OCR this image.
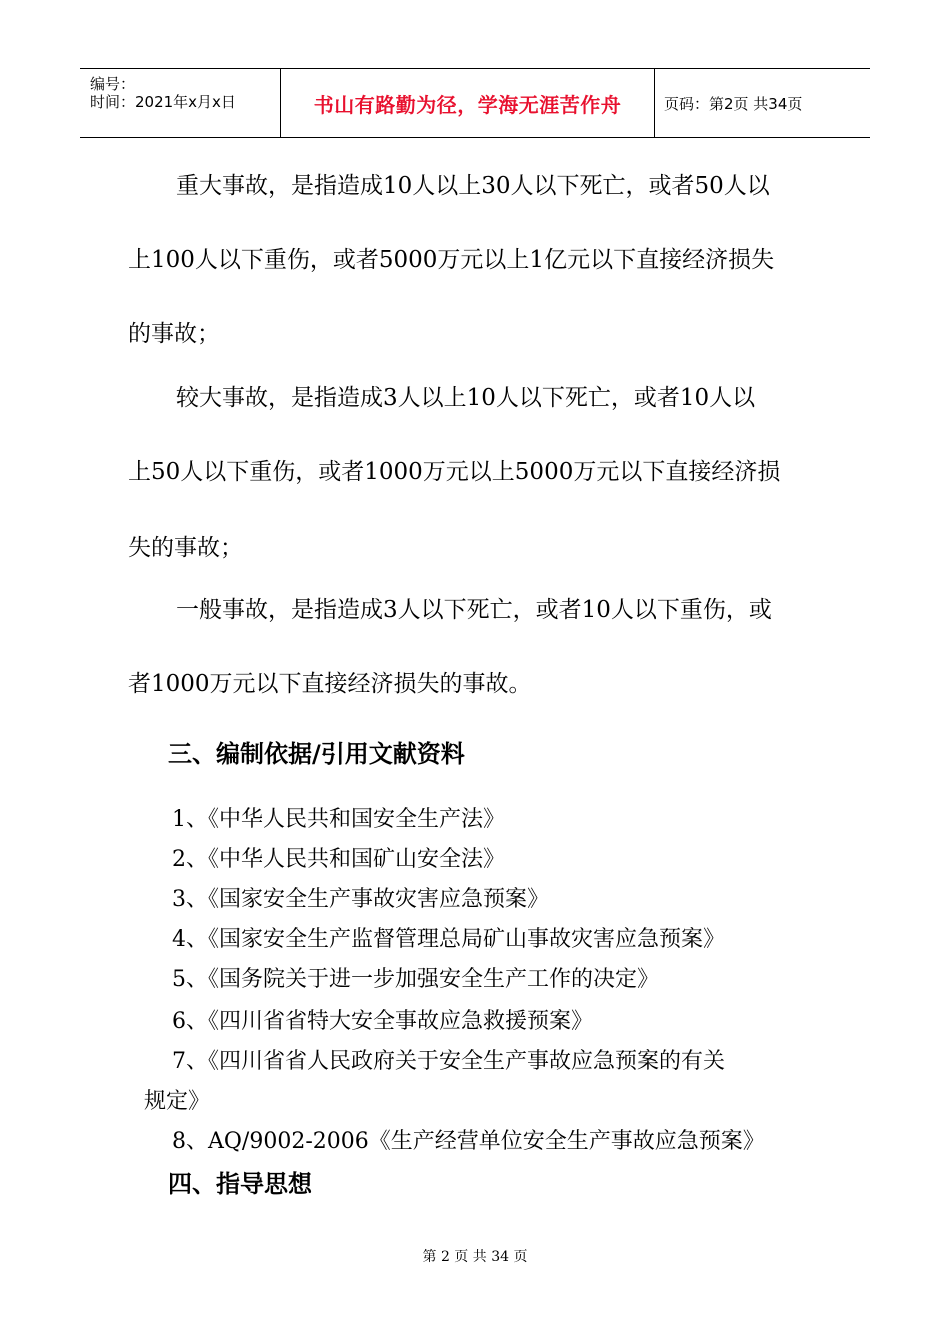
编号：
时间：2021年x月x日	书山有路勤为径，学海无涯苦作舟	页码：第2页 共34页
重大事故，是指造成10人以上30人以下死亡，或者50人以
上100人以下重伤，或者5000万元以上1亿元以下直接经济损失
的事故；
较大事故，是指造成3人以上10人以下死亡，或者10人以
上50人以下重伤，或者1000万元以上5000万元以下直接经济损
失的事故；
一般事故，是指造成3人以下死亡，或者10人以下重伤，或
者1000万元以下直接经济损失的事故。
三、编制依据/引用文献资料
1、《中华人民共和国安全生产法》
2、《中华人民共和国矿山安全法》
3、《国家安全生产事故灾害应急预案》
4、《国家安全生产监督管理总局矿山事故灾害应急预案》
5、《国务院关于进一步加强安全生产工作的决定》
6、《四川省省特大安全事故应急救援预案》
7、《四川省省人民政府关于安全生产事故应急预案的有关
规定》
8、AQ/9002-2006《生产经营单位安全生产事故应急预案》
四、指导思想
第 2 页 共 34 页
